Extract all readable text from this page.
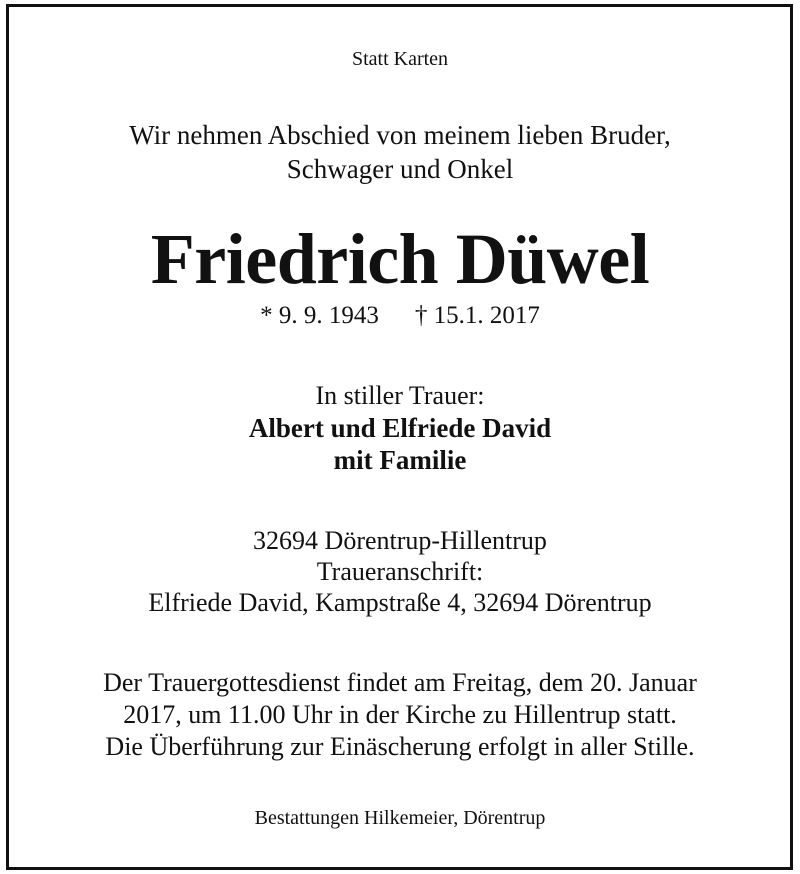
Statt Karten
Wir nehmen Abschied von meinem lieben Bruder,
Schwager und Onkel
Friedrich Düwel
* 9. 9. 1943 † 15.1. 2017
In stiller Trauer:
Albert und Elfriede David
mit Familie
32694 Dörentrup-Hillentrup
Traueranschrift:
Elfriede David, Kampstraße 4, 32694 Dörentrup
Der Trauergottesdienst findet am Freitag, dem 20. Januar
2017, um 11.00 Uhr in der Kirche zu Hillentrup statt.
Die Überführung zur Einäscherung erfolgt in aller Stille.
Bestattungen Hilkemeier, Dörentrup
